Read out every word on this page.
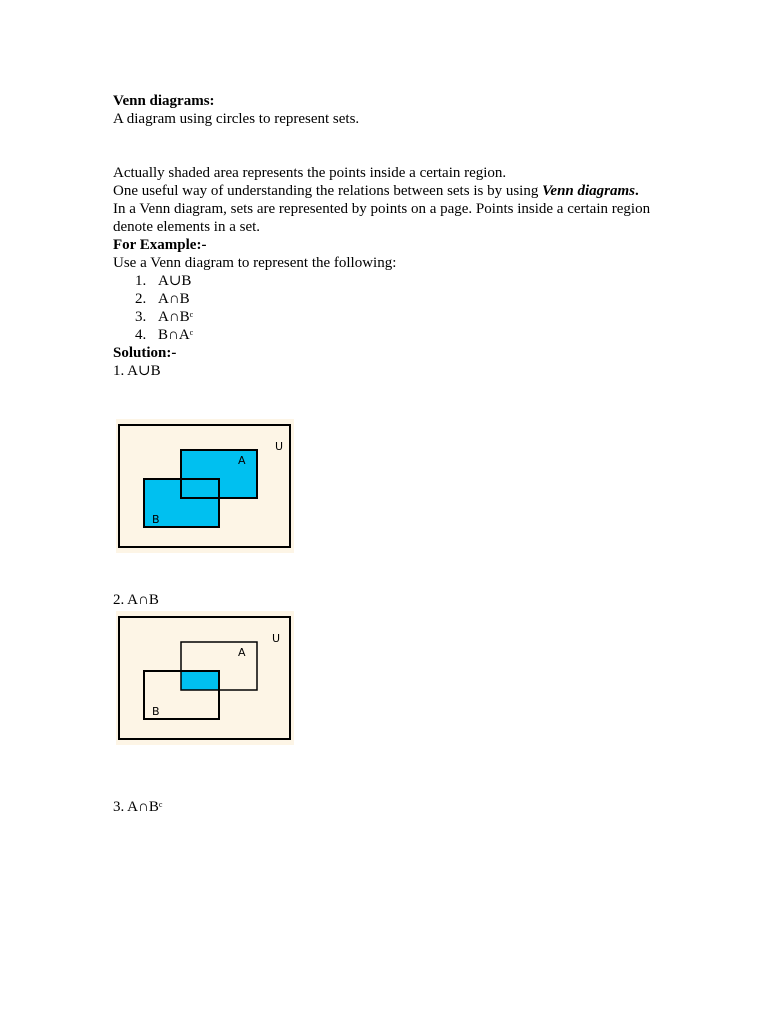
Venn diagrams:
A diagram using circles to represent sets.
Actually shaded area represents the points inside a certain region.
One useful way of understanding the relations between sets is by using Venn diagrams.
In a Venn diagram, sets are represented by points on a page. Points inside a certain region
denote elements in a set.
For Example:-
Use a Venn diagram to represent the following:
1. A∪B
2. A∩B
3. $A\cap B^c$
4. $B\cap A^c$
Solution:-
1. A∪B
U
A
B
2. A∩B
U
A
B
3. $A\cap B^c$
